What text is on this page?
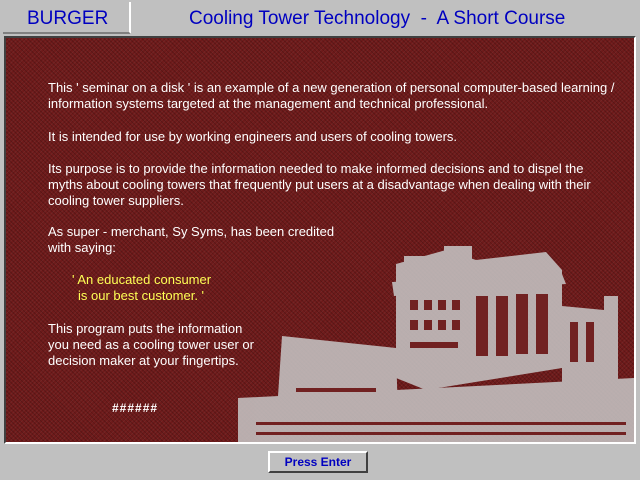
BURGER	Cooling Tower Technology  -  A Short Course

This ' seminar on a disk ' is an example of a new generation of personal computer-based learning / information systems targeted at the management and technical professional.

It is intended for use by working engineers and users of cooling towers.

Its purpose is to provide the information needed to make informed decisions and to dispel the myths about cooling towers that frequently put users at a disadvantage when dealing with their cooling tower suppliers.

As super - merchant, Sy Syms, has been credited with saying:

' An educated consumer
is our best customer. '

This program puts the information you need as a cooling tower user or decision maker at your fingertips.

######
Press Enter
